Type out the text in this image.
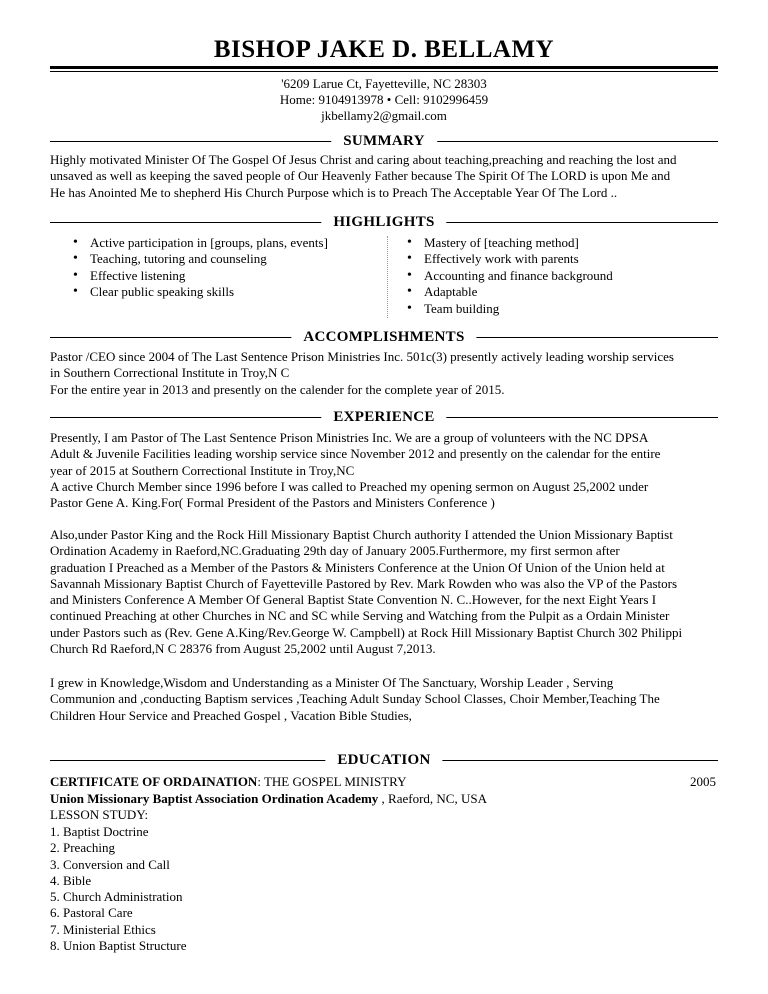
BISHOP JAKE D. BELLAMY
'6209 Larue Ct, Fayetteville, NC 28303
Home: 9104913978 • Cell: 9102996459
jkbellamy2@gmail.com
SUMMARY
Highly motivated Minister Of The Gospel Of Jesus Christ and caring about teaching,preaching and reaching the lost and
unsaved as well as keeping the saved people of Our Heavenly Father because The Spirit Of The LORD is upon Me and
He has Anointed Me to shepherd His Church Purpose which is to Preach The Acceptable Year Of The Lord ..
HIGHLIGHTS
• Active participation in [groups, plans, events]
• Teaching, tutoring and counseling
• Effective listening
• Clear public speaking skills
• Mastery of [teaching method]
• Effectively work with parents
• Accounting and finance background
• Adaptable
• Team building
ACCOMPLISHMENTS
Pastor /CEO since 2004 of The Last Sentence Prison Ministries Inc. 501c(3) presently actively leading worship services
in Southern Correctional Institute in Troy,N C
For the entire year in 2013 and presently on the calender for the complete year of 2015.
EXPERIENCE
Presently, I am Pastor of The Last Sentence Prison Ministries Inc. We are a group of volunteers with the NC DPSA
Adult & Juvenile Facilities leading worship service since November 2012 and presently on the calendar for the entire
year of 2015 at Southern Correctional Institute in Troy,NC
A active Church Member since 1996 before I was called to Preached my opening sermon on August 25,2002 under
Pastor Gene A. King.For( Formal President of the Pastors and Ministers Conference )
Also,under Pastor King and the Rock Hill Missionary Baptist Church authority I attended the Union Missionary Baptist
Ordination Academy in Raeford,NC.Graduating 29th day of January 2005.Furthermore, my first sermon after
graduation I Preached as a Member of the Pastors & Ministers Conference at the Union Of Union of the Union held at
Savannah Missionary Baptist Church of Fayetteville Pastored by Rev. Mark Rowden who was also the VP of the Pastors
and Ministers Conference A Member Of General Baptist State Convention N. C..However, for the next Eight Years I
continued Preaching at other Churches in NC and SC while Serving and Watching from the Pulpit as a Ordain Minister
under Pastors such as (Rev. Gene A.King/Rev.George W. Campbell) at Rock Hill Missionary Baptist Church 302 Philippi
Church Rd Raeford,N C 28376 from August 25,2002 until August 7,2013.
I grew in Knowledge,Wisdom and Understanding as a Minister Of The Sanctuary, Worship Leader , Serving
Communion and ,conducting Baptism services ,Teaching Adult Sunday School Classes, Choir Member,Teaching The
Children Hour Service and Preached Gospel , Vacation Bible Studies,
EDUCATION
CERTIFICATE OF ORDAINATION: THE GOSPEL MINISTRY	2005
Union Missionary Baptist Association Ordination Academy , Raeford, NC, USA
LESSON STUDY:
1. Baptist Doctrine
2. Preaching
3. Conversion and Call
4. Bible
5. Church Administration
6. Pastoral Care
7. Ministerial Ethics
8. Union Baptist Structure
